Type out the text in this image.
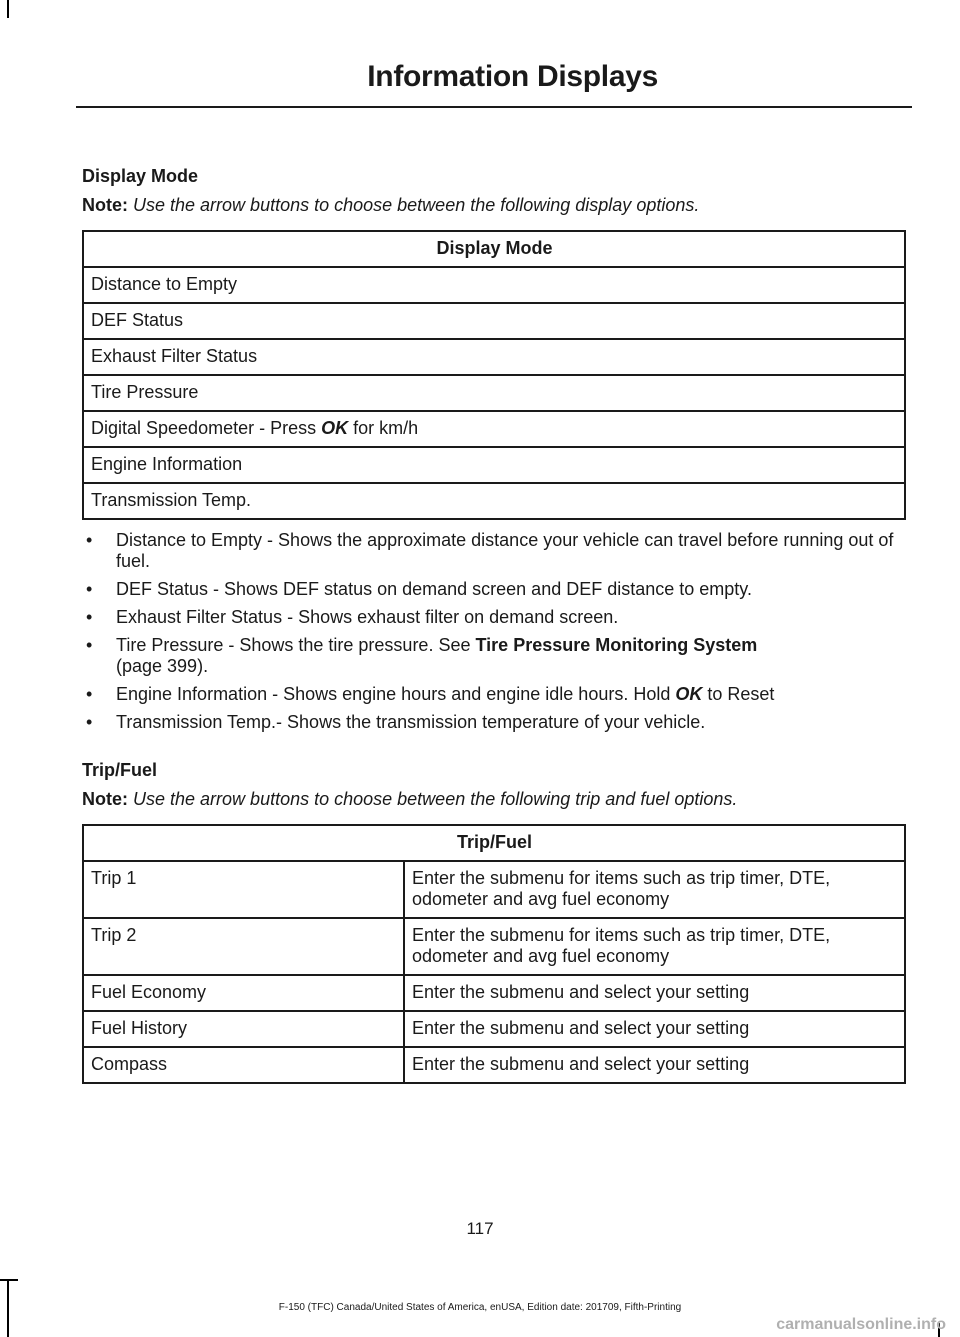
Information Displays
Display Mode
Note: Use the arrow buttons to choose between the following display options.
Display Mode
Distance to Empty
DEF Status
Exhaust Filter Status
Tire Pressure
Digital Speedometer - Press OK for km/h
Engine Information
Transmission Temp.
• Distance to Empty - Shows the approximate distance your vehicle can travel before running out of fuel.
• DEF Status - Shows DEF status on demand screen and DEF distance to empty.
• Exhaust Filter Status - Shows exhaust filter on demand screen.
• Tire Pressure - Shows the tire pressure. See Tire Pressure Monitoring System
(page 399).
• Engine Information - Shows engine hours and engine idle hours. Hold OK to Reset
• Transmission Temp.- Shows the transmission temperature of your vehicle.
Trip/Fuel
Note: Use the arrow buttons to choose between the following trip and fuel options.
Trip/Fuel	
Trip 1	Enter the submenu for items such as trip timer, DTE, odometer and avg fuel economy
Trip 2	Enter the submenu for items such as trip timer, DTE, odometer and avg fuel economy
Fuel Economy	Enter the submenu and select your setting
Fuel History	Enter the submenu and select your setting
Compass	Enter the submenu and select your setting
117
F-150 (TFC) Canada/United States of America, enUSA, Edition date: 201709, Fifth-Printing
carmanualsonline.info
